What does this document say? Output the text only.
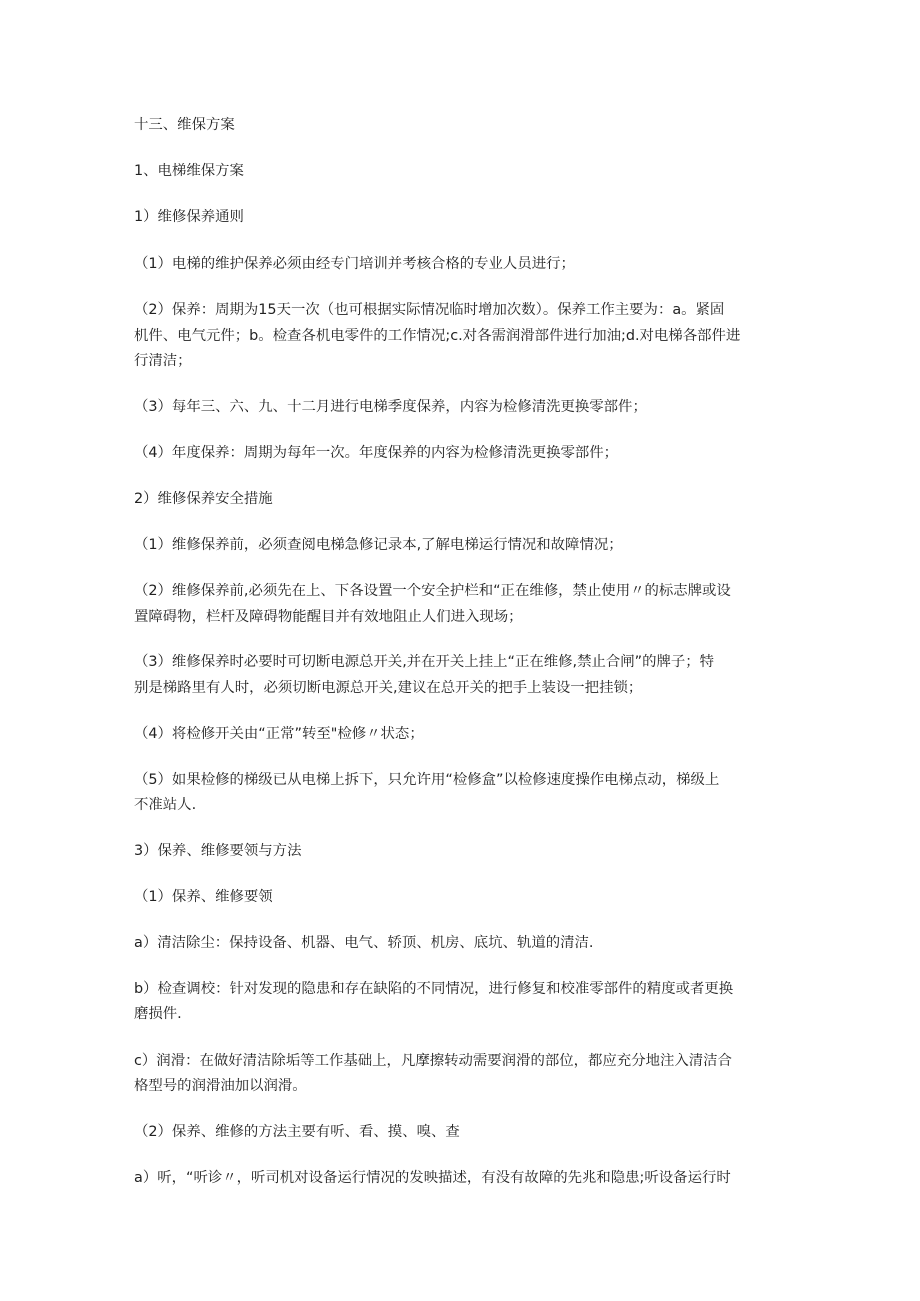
十三、维保方案
1、电梯维保方案
1）维修保养通则
（1）电梯的维护保养必须由经专门培训并考核合格的专业人员进行；
（2）保养：周期为15天一次（也可根据实际情况临时增加次数）。保养工作主要为：a。紧固
机件、电气元件；b。检查各机电零件的工作情况;c.对各需润滑部件进行加油;d.对电梯各部件进
行清洁；
（3）每年三、六、九、十二月进行电梯季度保养，内容为检修清洗更换零部件；
（4）年度保养：周期为每年一次。年度保养的内容为检修清洗更换零部件；
2）维修保养安全措施
（1）维修保养前，必须查阅电梯急修记录本,了解电梯运行情况和故障情况；
（2）维修保养前,必须先在上、下各设置一个安全护栏和“正在维修，禁止使用〃的标志牌或设
置障碍物，栏杆及障碍物能醒目并有效地阻止人们进入现场；
（3）维修保养时必要时可切断电源总开关,并在开关上挂上“正在维修,禁止合闸”的牌子；特
别是梯路里有人时，必须切断电源总开关,建议在总开关的把手上装设一把挂锁；
（4）将检修开关由“正常”转至"检修〃状态；
（5）如果检修的梯级已从电梯上拆下，只允许用“检修盒”以检修速度操作电梯点动，梯级上
不准站人.
3）保养、维修要领与方法
（1）保养、维修要领
a）清洁除尘：保持设备、机器、电气、轿顶、机房、底坑、轨道的清洁.
b）检查调校：针对发现的隐患和存在缺陷的不同情况，进行修复和校准零部件的精度或者更换
磨损件.
c）润滑：在做好清洁除垢等工作基础上，凡摩擦转动需要润滑的部位，都应充分地注入清洁合
格型号的润滑油加以润滑。
（2）保养、维修的方法主要有听、看、摸、嗅、查
a）听，“听诊〃，听司机对设备运行情况的发映描述，有没有故障的先兆和隐患;听设备运行时
